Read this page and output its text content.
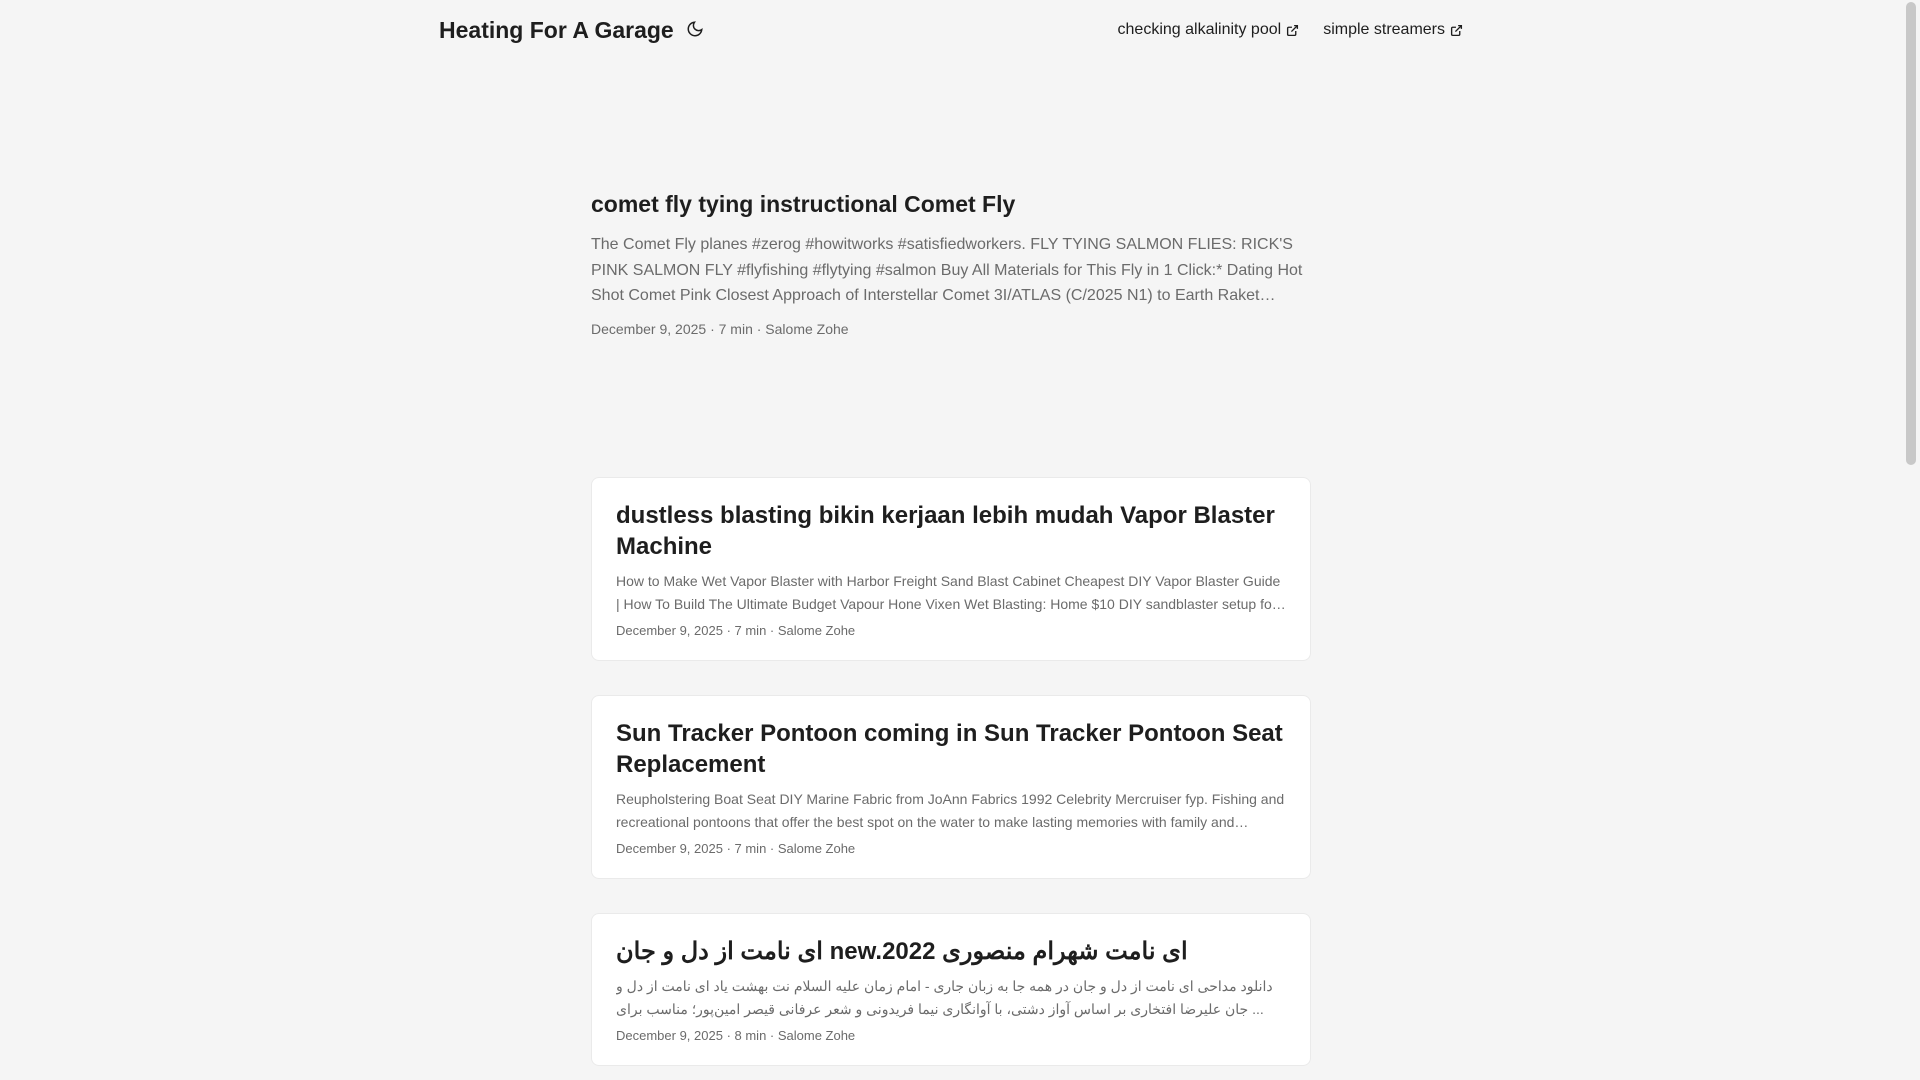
Heating For A Garage	checking alkalinity pool	simple streamers
comet fly tying instructional Comet Fly
The Comet Fly planes #zerog #howitworks #satisfiedworkers. FLY TYING SALMON FLIES: RICK'S PINK SALMON FLY #flyfishing #flytying #salmon Buy All Materials for This Fly in 1 Click:* Dating Hot Shot Comet Pink Closest Approach of Interstellar Comet 3I/ATLAS (C/2025 N1) to Earth Raket
December 9, 2025 · 7 min · Salome Zohe
dustless blasting bikin kerjaan lebih mudah Vapor Blaster Machine
How to Make Wet Vapor Blaster with Harbor Freight Sand Blast Cabinet Cheapest DIY Vapor Blaster Guide | How To Build The Ultimate Budget Vapour Hone Vixen Wet Blasting: Home $10 DIY sandblaster setup for
December 9, 2025 · 7 min · Salome Zohe
Sun Tracker Pontoon coming in Sun Tracker Pontoon Seat Replacement
Reupholstering Boat Seat DIY Marine Fabric from JoAnn Fabrics 1992 Celebrity Mercruiser fyp. Fishing and recreational pontoons that offer the best spot on the water to make lasting memories with family and
December 9, 2025 · 7 min · Salome Zohe
ای نامت از دل و جان new.ای نامت شهرام منصوری 2022
دانلود مداحی ای نامت از دل و جان در همه جا به زبان جاری - امام زمان علیه السلام نت بهشت یاد ای نامت از دل و جان علیرضا افتخاری بر اساس آواز دشتی، با آوانگاری نیما فریدونی و شعر عرفانی قیصر امین‌پور؛ مناسب برای ...
December 9, 2025 · 8 min · Salome Zohe
